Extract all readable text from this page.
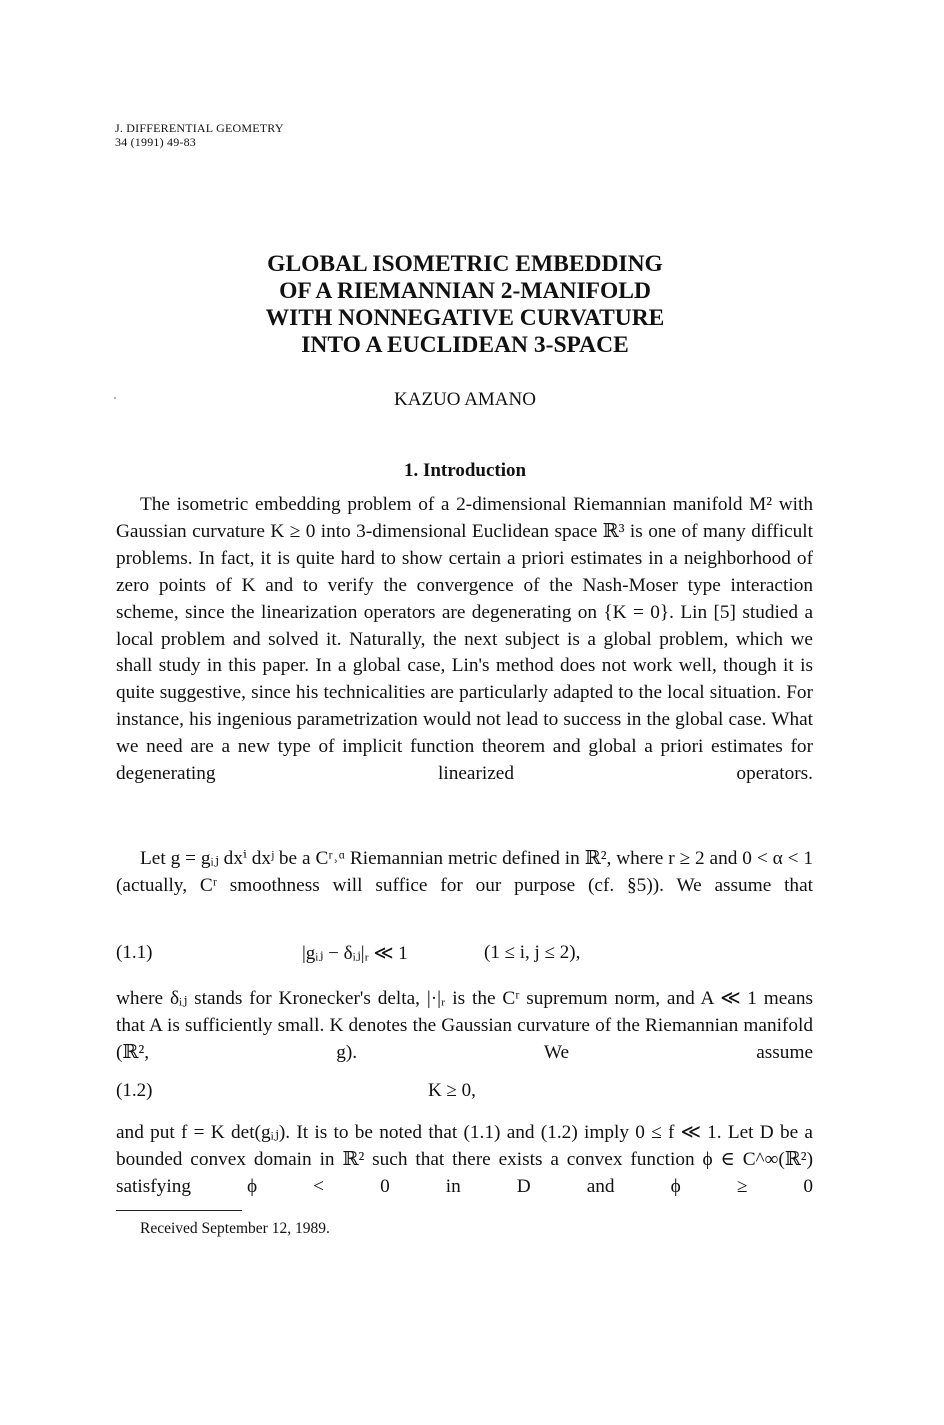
J. DIFFERENTIAL GEOMETRY
34 (1991) 49-83
GLOBAL ISOMETRIC EMBEDDING
OF A RIEMANNIAN 2-MANIFOLD
WITH NONNEGATIVE CURVATURE
INTO A EUCLIDEAN 3-SPACE
KAZUO AMANO
1. Introduction
The isometric embedding problem of a 2-dimensional Riemannian manifold M² with Gaussian curvature K ≥ 0 into 3-dimensional Euclidean space ℝ³ is one of many difficult problems. In fact, it is quite hard to show certain a priori estimates in a neighborhood of zero points of K and to verify the convergence of the Nash-Moser type interaction scheme, since the linearization operators are degenerating on {K = 0}. Lin [5] studied a local problem and solved it. Naturally, the next subject is a global problem, which we shall study in this paper. In a global case, Lin's method does not work well, though it is quite suggestive, since his technicalities are particularly adapted to the local situation. For instance, his ingenious parametrization would not lead to success in the global case. What we need are a new type of implicit function theorem and global a priori estimates for degenerating linearized operators.
Let g = gᵢⱼ dxⁱ dxʲ be a Cʳ˒ᵅ Riemannian metric defined in ℝ², where r ≥ 2 and 0 < α < 1 (actually, Cʳ smoothness will suffice for our purpose (cf. §5)). We assume that
(1.1)	|gᵢⱼ − δᵢⱼ|ᵣ ≪ 1	(1 ≤ i, j ≤ 2),
where δᵢⱼ stands for Kronecker's delta, |·|ᵣ is the Cʳ supremum norm, and A ≪ 1 means that A is sufficiently small. K denotes the Gaussian curvature of the Riemannian manifold (ℝ², g). We assume
(1.2)	K ≥ 0,
and put f = K det(gᵢⱼ). It is to be noted that (1.1) and (1.2) imply 0 ≤ f ≪ 1. Let D be a bounded convex domain in ℝ² such that there exists a convex function ϕ ∈ C^∞(ℝ²) satisfying ϕ < 0 in D and ϕ ≥ 0
Received September 12, 1989.
